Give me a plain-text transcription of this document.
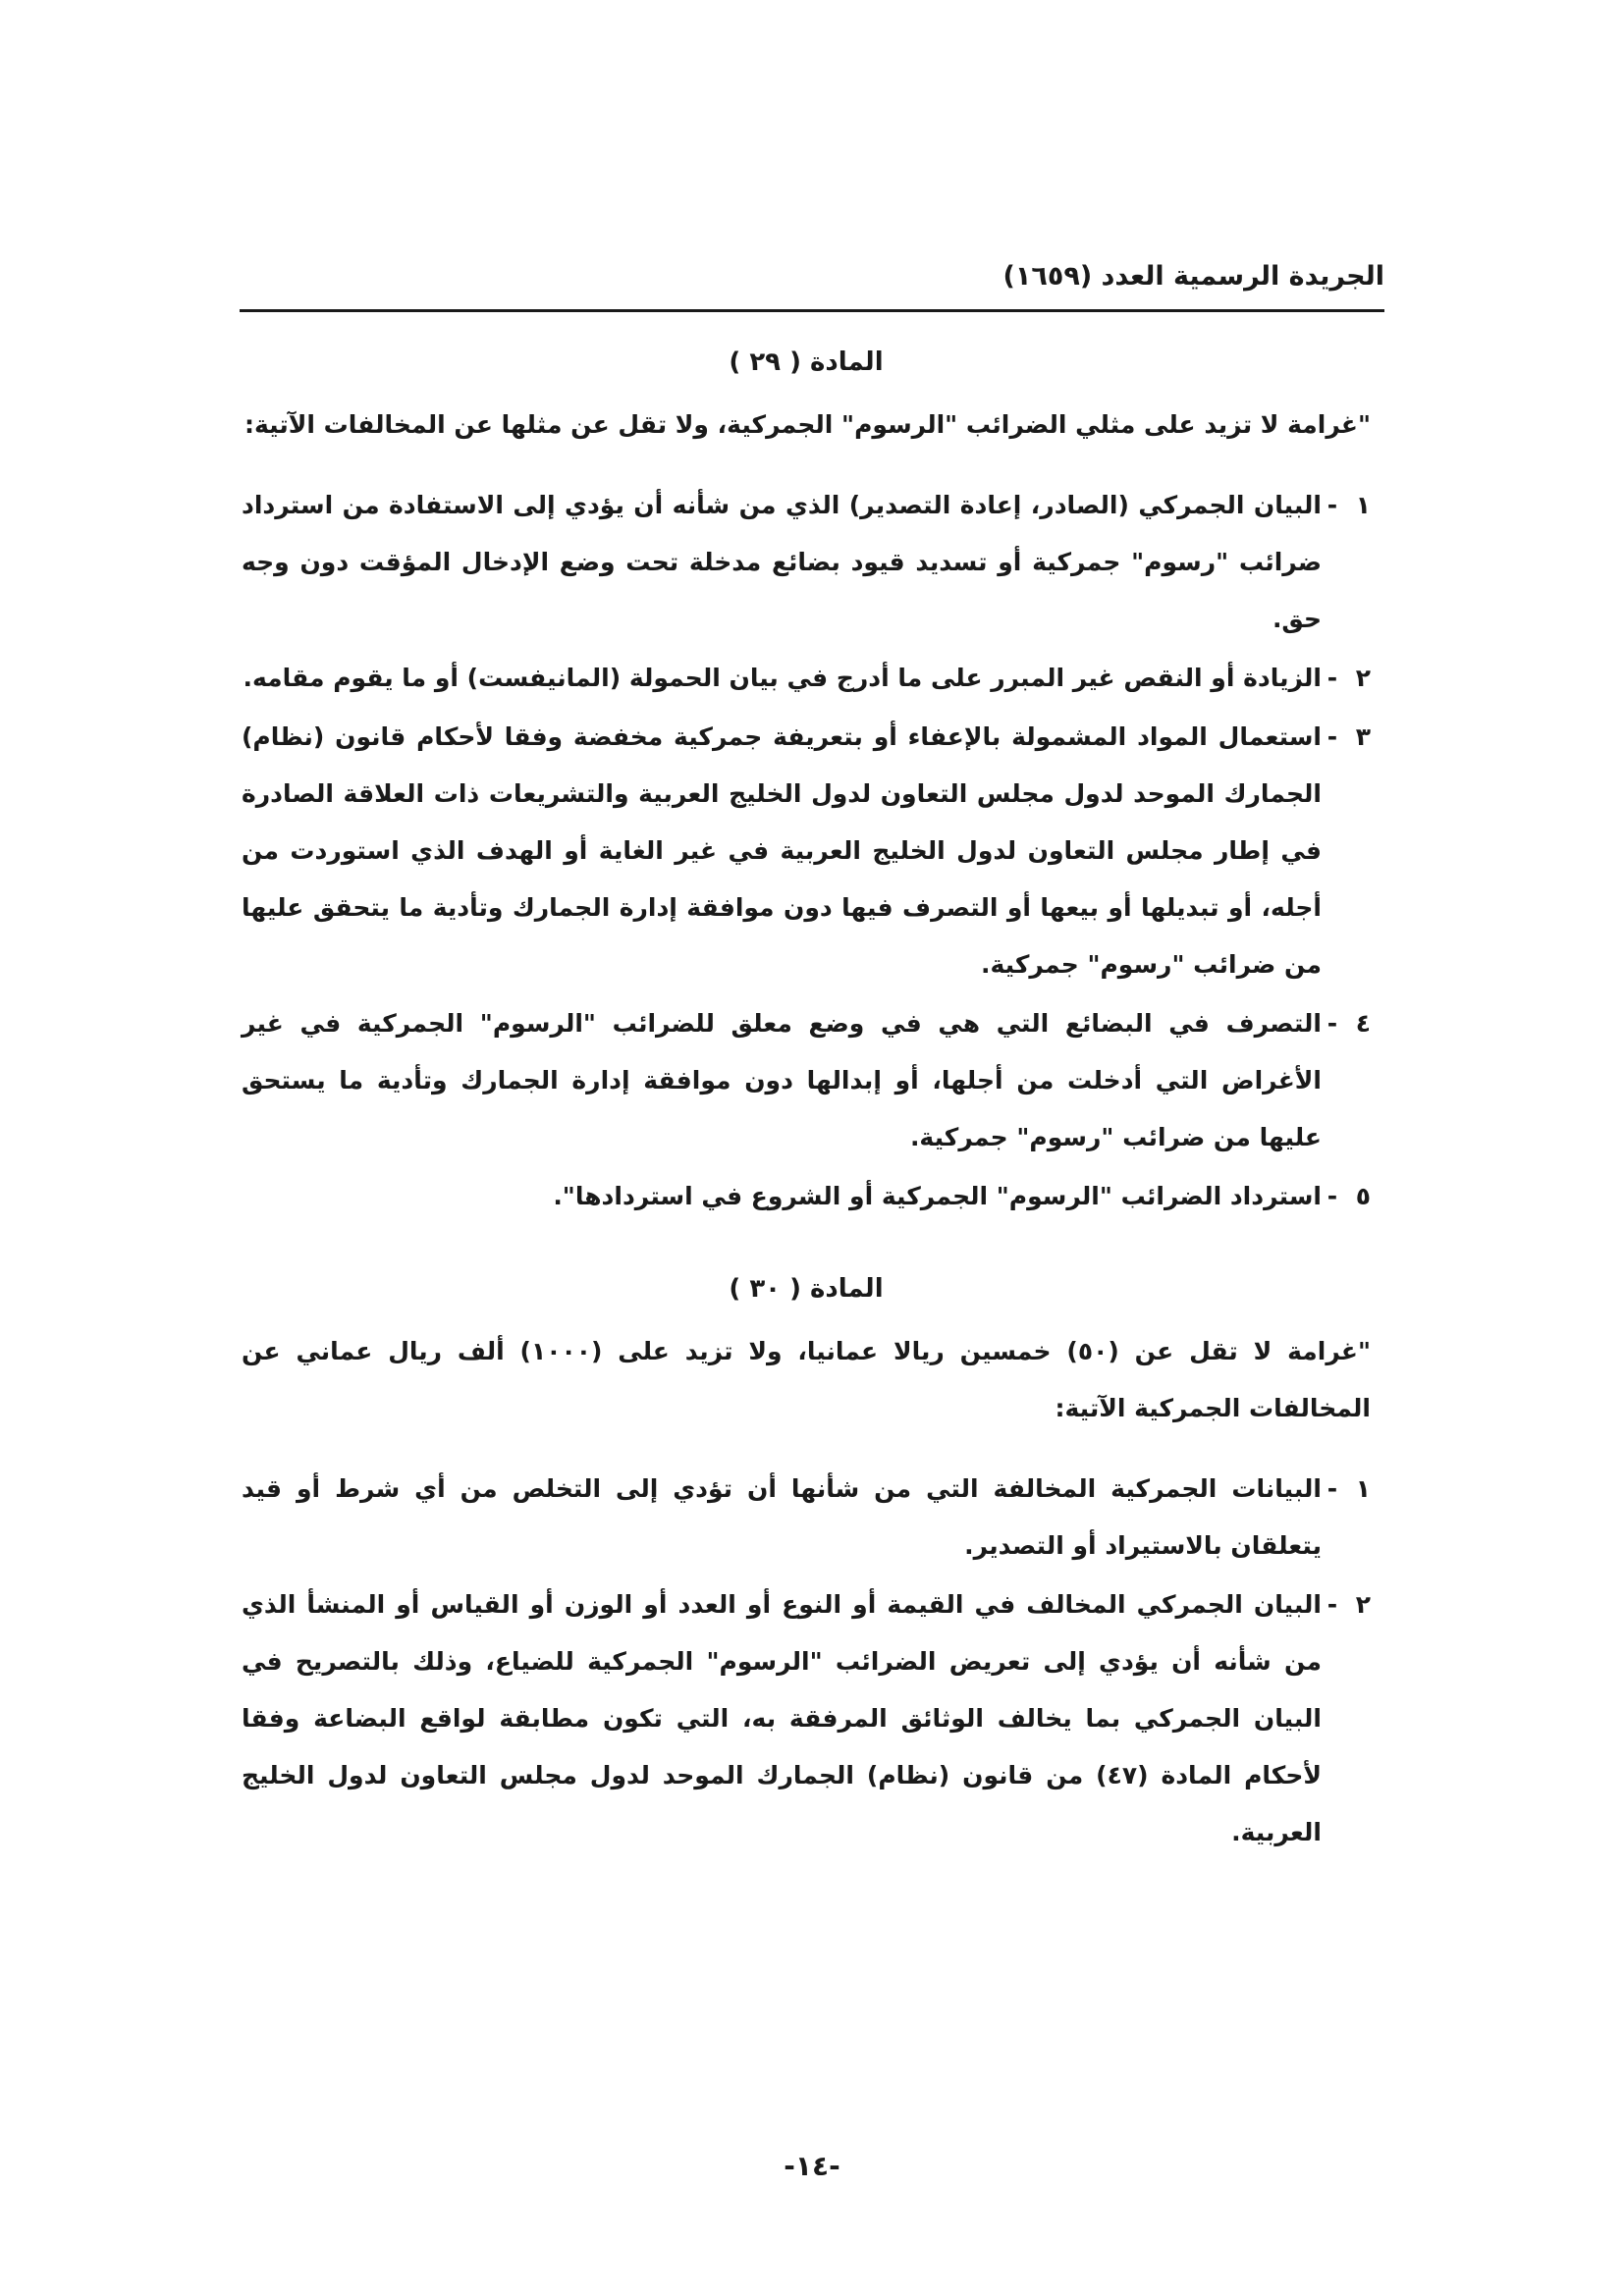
الجريدة الرسمية العدد (١٦٥٩)
المادة ( ٢٩ )

"غرامة لا تزيد على مثلي الضرائب "الرسوم" الجمركية، ولا تقل عن مثلها عن المخالفات الآتية:

١
-
البيان الجمركي (الصادر، إعادة التصدير) الذي من شأنه أن يؤدي إلى الاستفادة من استرداد ضرائب "رسوم" جمركية أو تسديد قيود بضائع مدخلة تحت وضع الإدخال المؤقت دون وجه حق.
٢
-
الزيادة أو النقص غير المبرر على ما أدرج في بيان الحمولة (المانيفست) أو ما يقوم مقامه.
٣
-
استعمال المواد المشمولة بالإعفاء أو بتعريفة جمركية مخفضة وفقا لأحكام قانون (نظام) الجمارك الموحد لدول مجلس التعاون لدول الخليج العربية والتشريعات ذات العلاقة الصادرة في إطار مجلس التعاون لدول الخليج العربية في غير الغاية أو الهدف الذي استوردت من أجله، أو تبديلها أو بيعها أو التصرف فيها دون موافقة إدارة الجمارك وتأدية ما يتحقق عليها من ضرائب "رسوم" جمركية.
٤
-
التصرف في البضائع التي هي في وضع معلق للضرائب "الرسوم" الجمركية في غير الأغراض التي أدخلت من أجلها، أو إبدالها دون موافقة إدارة الجمارك وتأدية ما يستحق عليها من ضرائب "رسوم" جمركية.
٥
-
استرداد الضرائب "الرسوم" الجمركية أو الشروع في استردادها".
المادة ( ٣٠ )

"غرامة لا تقل عن (٥٠) خمسين ريالا عمانيا، ولا تزيد على (١٠٠٠) ألف ريال عماني عن المخالفات الجمركية الآتية:

١
-
البيانات الجمركية المخالفة التي من شأنها أن تؤدي إلى التخلص من أي شرط أو قيد يتعلقان بالاستيراد أو التصدير.
٢
-
البيان الجمركي المخالف في القيمة أو النوع أو العدد أو الوزن أو القياس أو المنشأ الذي من شأنه أن يؤدي إلى تعريض الضرائب "الرسوم" الجمركية للضياع، وذلك بالتصريح في البيان الجمركي بما يخالف الوثائق المرفقة به، التي تكون مطابقة لواقع البضاعة وفقا لأحكام المادة (٤٧) من قانون (نظام) الجمارك الموحد لدول مجلس التعاون لدول الخليج العربية.
-١٤-
